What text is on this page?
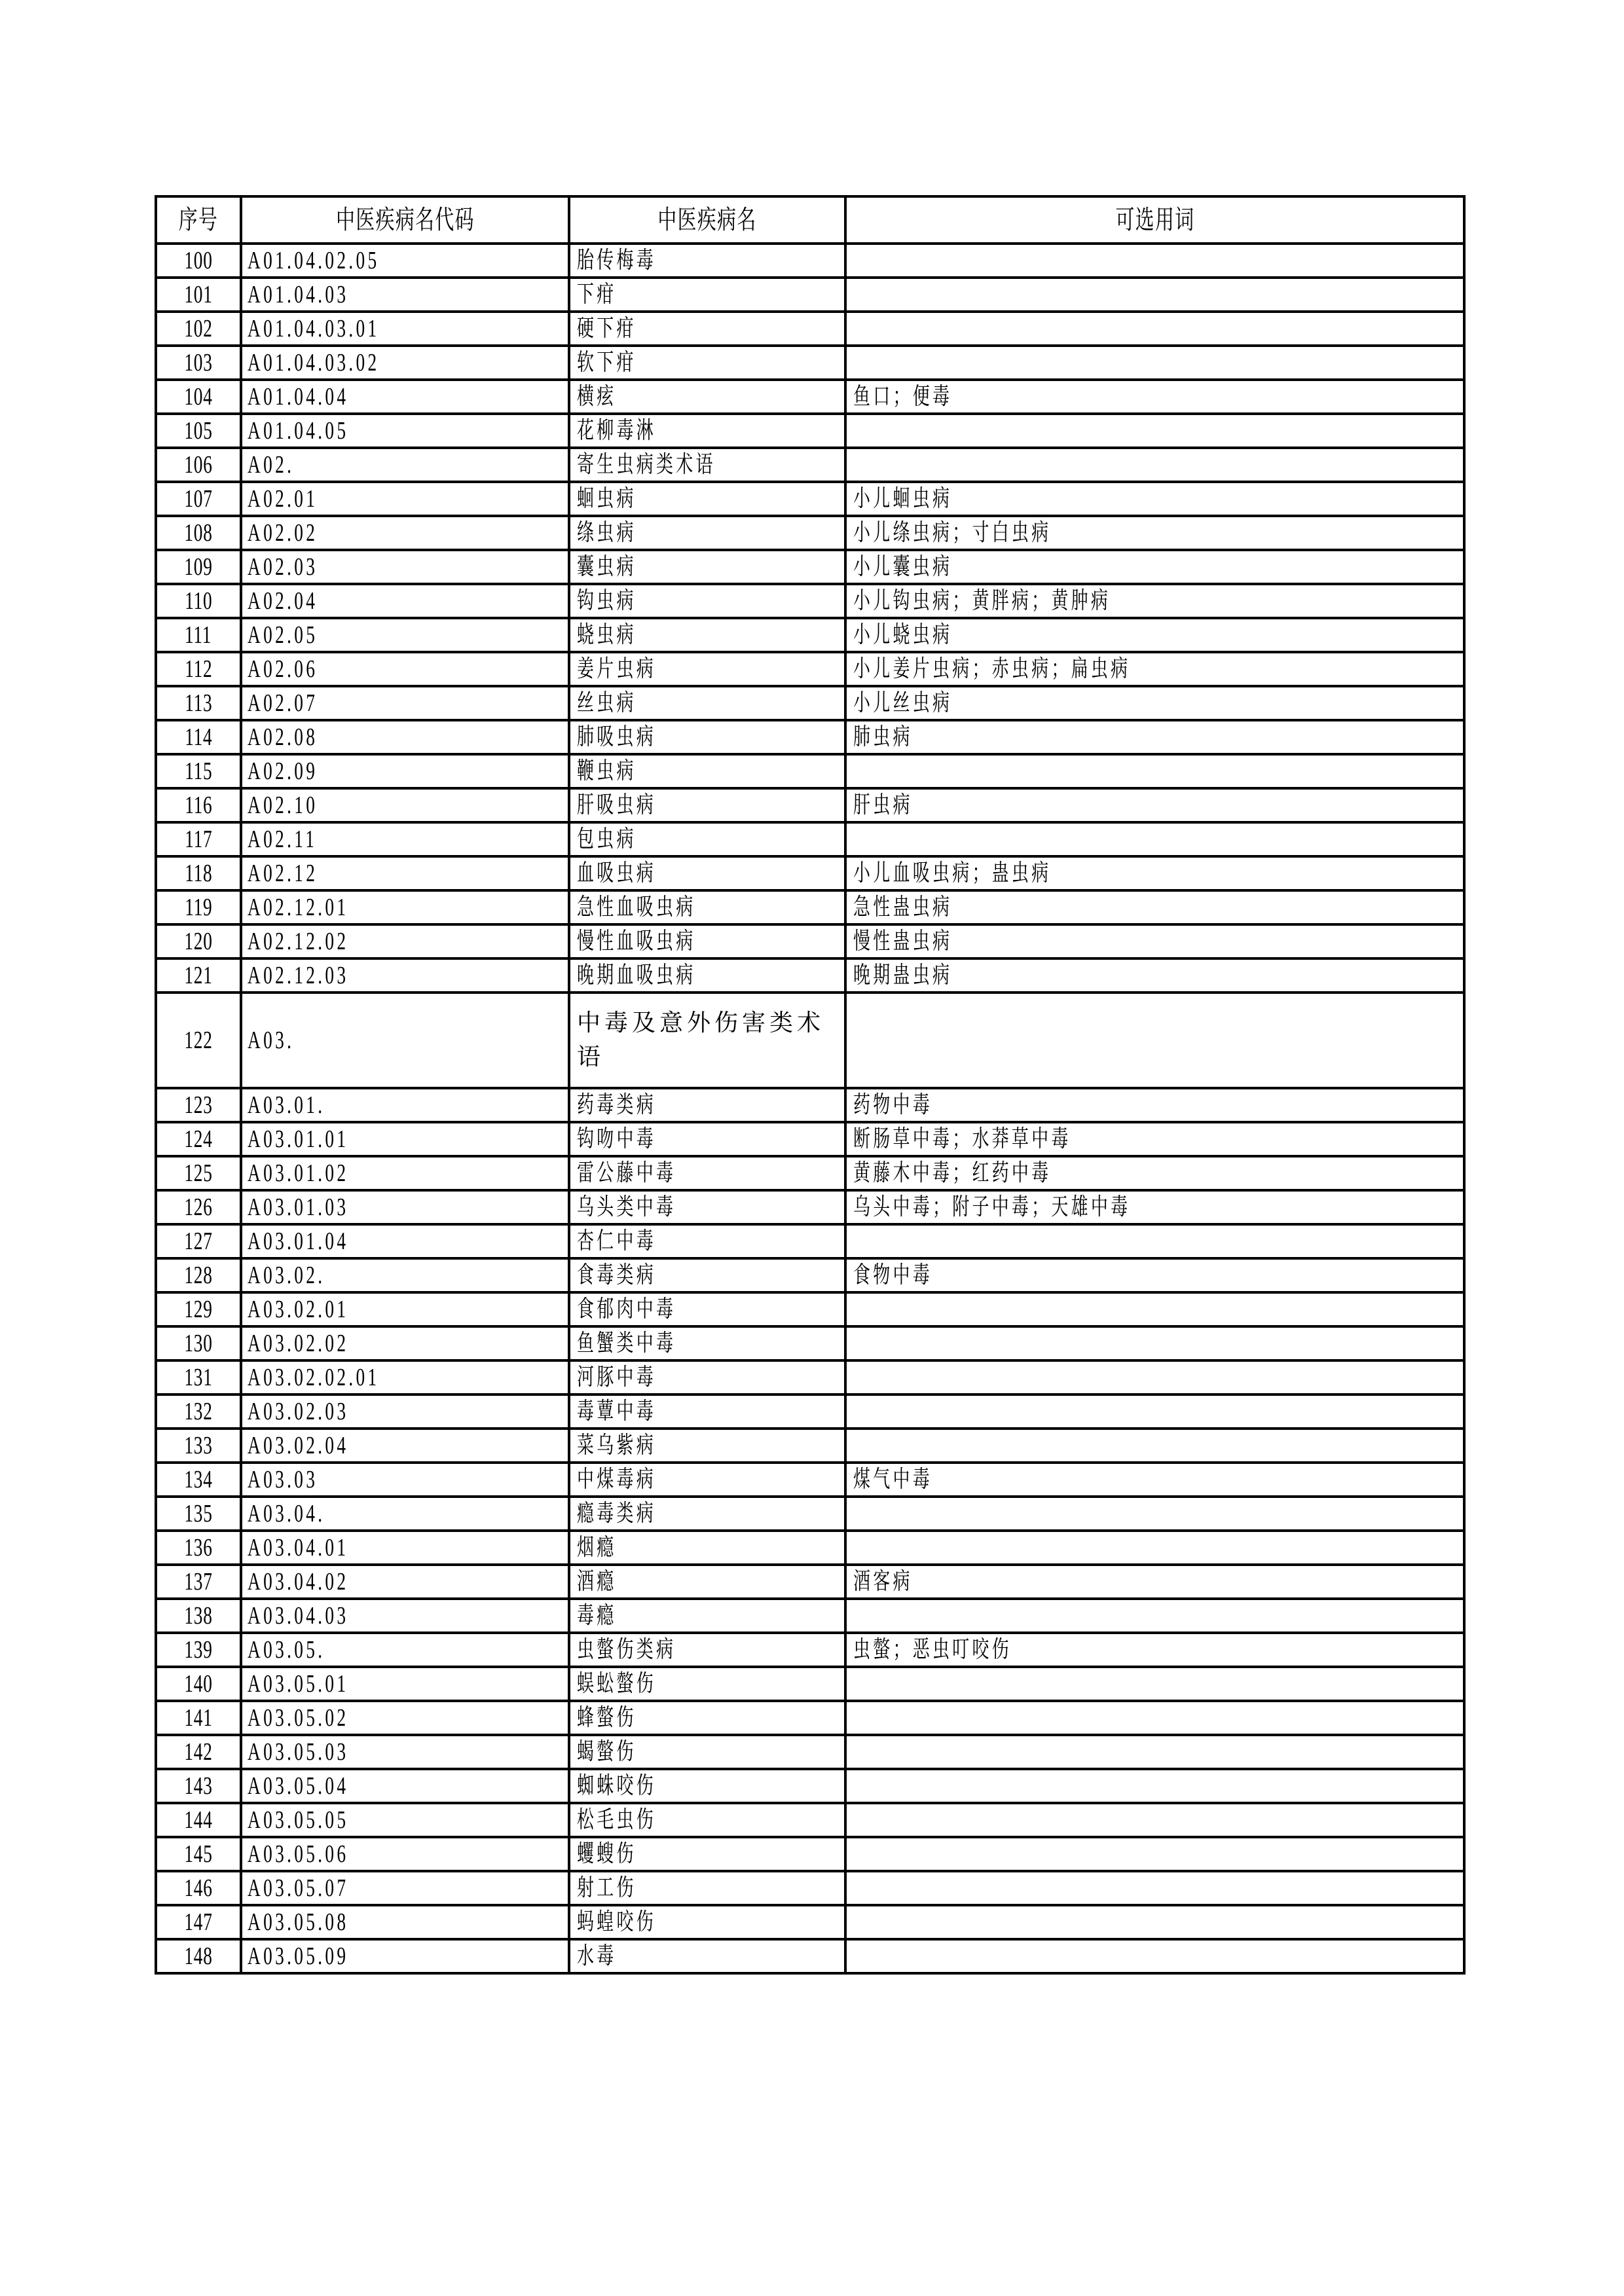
序号	中医疾病名代码	中医疾病名	可选用词
100	A01.04.02.05	胎传梅毒	
101	A01.04.03	下疳	
102	A01.04.03.01	硬下疳	
103	A01.04.03.02	软下疳	
104	A01.04.04	横痃	鱼口；便毒
105	A01.04.05	花柳毒淋	
106	A02.	寄生虫病类术语	
107	A02.01	蛔虫病	小儿蛔虫病
108	A02.02	绦虫病	小儿绦虫病；寸白虫病
109	A02.03	囊虫病	小儿囊虫病
110	A02.04	钩虫病	小儿钩虫病；黄胖病；黄肿病
111	A02.05	蛲虫病	小儿蛲虫病
112	A02.06	姜片虫病	小儿姜片虫病；赤虫病；扁虫病
113	A02.07	丝虫病	小儿丝虫病
114	A02.08	肺吸虫病	肺虫病
115	A02.09	鞭虫病	
116	A02.10	肝吸虫病	肝虫病
117	A02.11	包虫病	
118	A02.12	血吸虫病	小儿血吸虫病；蛊虫病
119	A02.12.01	急性血吸虫病	急性蛊虫病
120	A02.12.02	慢性血吸虫病	慢性蛊虫病
121	A02.12.03	晚期血吸虫病	晚期蛊虫病
122	A03.	中毒及意外伤害类术语	
123	A03.01.	药毒类病	药物中毒
124	A03.01.01	钩吻中毒	断肠草中毒；水莽草中毒
125	A03.01.02	雷公藤中毒	黄藤木中毒；红药中毒
126	A03.01.03	乌头类中毒	乌头中毒；附子中毒；天雄中毒
127	A03.01.04	杏仁中毒	
128	A03.02.	食毒类病	食物中毒
129	A03.02.01	食郁肉中毒	
130	A03.02.02	鱼蟹类中毒	
131	A03.02.02.01	河豚中毒	
132	A03.02.03	毒蕈中毒	
133	A03.02.04	菜乌紫病	
134	A03.03	中煤毒病	煤气中毒
135	A03.04.	瘾毒类病	
136	A03.04.01	烟瘾	
137	A03.04.02	酒瘾	酒客病
138	A03.04.03	毒瘾	
139	A03.05.	虫螫伤类病	虫螫；恶虫叮咬伤
140	A03.05.01	蜈蚣螫伤	
141	A03.05.02	蜂螫伤	
142	A03.05.03	蝎螫伤	
143	A03.05.04	蜘蛛咬伤	
144	A03.05.05	松毛虫伤	
145	A03.05.06	蠼螋伤	
146	A03.05.07	射工伤	
147	A03.05.08	蚂蝗咬伤	
148	A03.05.09	水毒	
